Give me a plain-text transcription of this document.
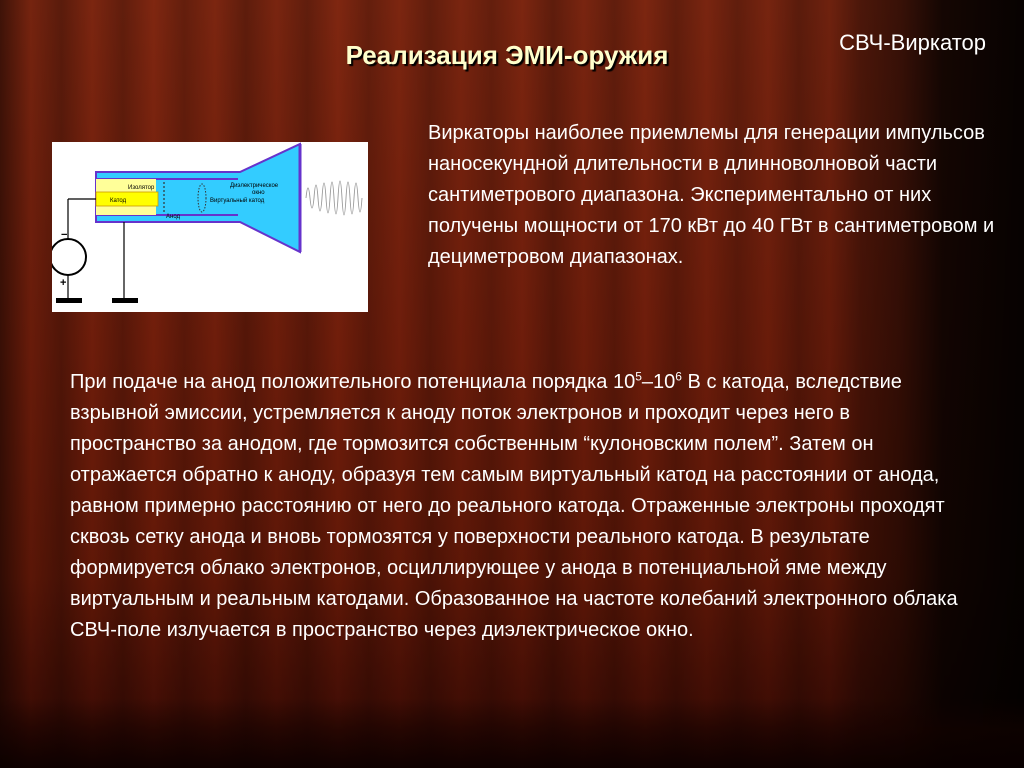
Реализация ЭМИ-оружия	СВЧ-Виркатор
Изолятор
Катод
Анод
Диэлектрическое
окно
Виртуальный катод
−
+
Виркаторы наиболее приемлемы для генерации импульсов наносекундной длительности в длинноволновой части сантиметрового диапазона. Экспериментально от них получены мощности от 170 кВт до 40 ГВт в сантиметровом и дециметровом диапазонах.
При подаче на анод положительного потенциала порядка $10^5-10^6$ В с катода, вследствие взрывной эмиссии, устремляется к аноду поток электронов и проходит через него в пространство за анодом, где тормозится собственным “кулоновским полем”. Затем он отражается обратно к аноду, образуя тем самым виртуальный катод на расстоянии от анода, равном примерно расстоянию от него до реального катода. Отраженные электроны проходят сквозь сетку анода и вновь тормозятся у поверхности реального катода. В результате формируется облако электронов, осциллирующее у анода в потенциальной яме между виртуальным и реальным катодами. Образованное на частоте колебаний электронного облака СВЧ-поле излучается в пространство через диэлектрическое окно.
